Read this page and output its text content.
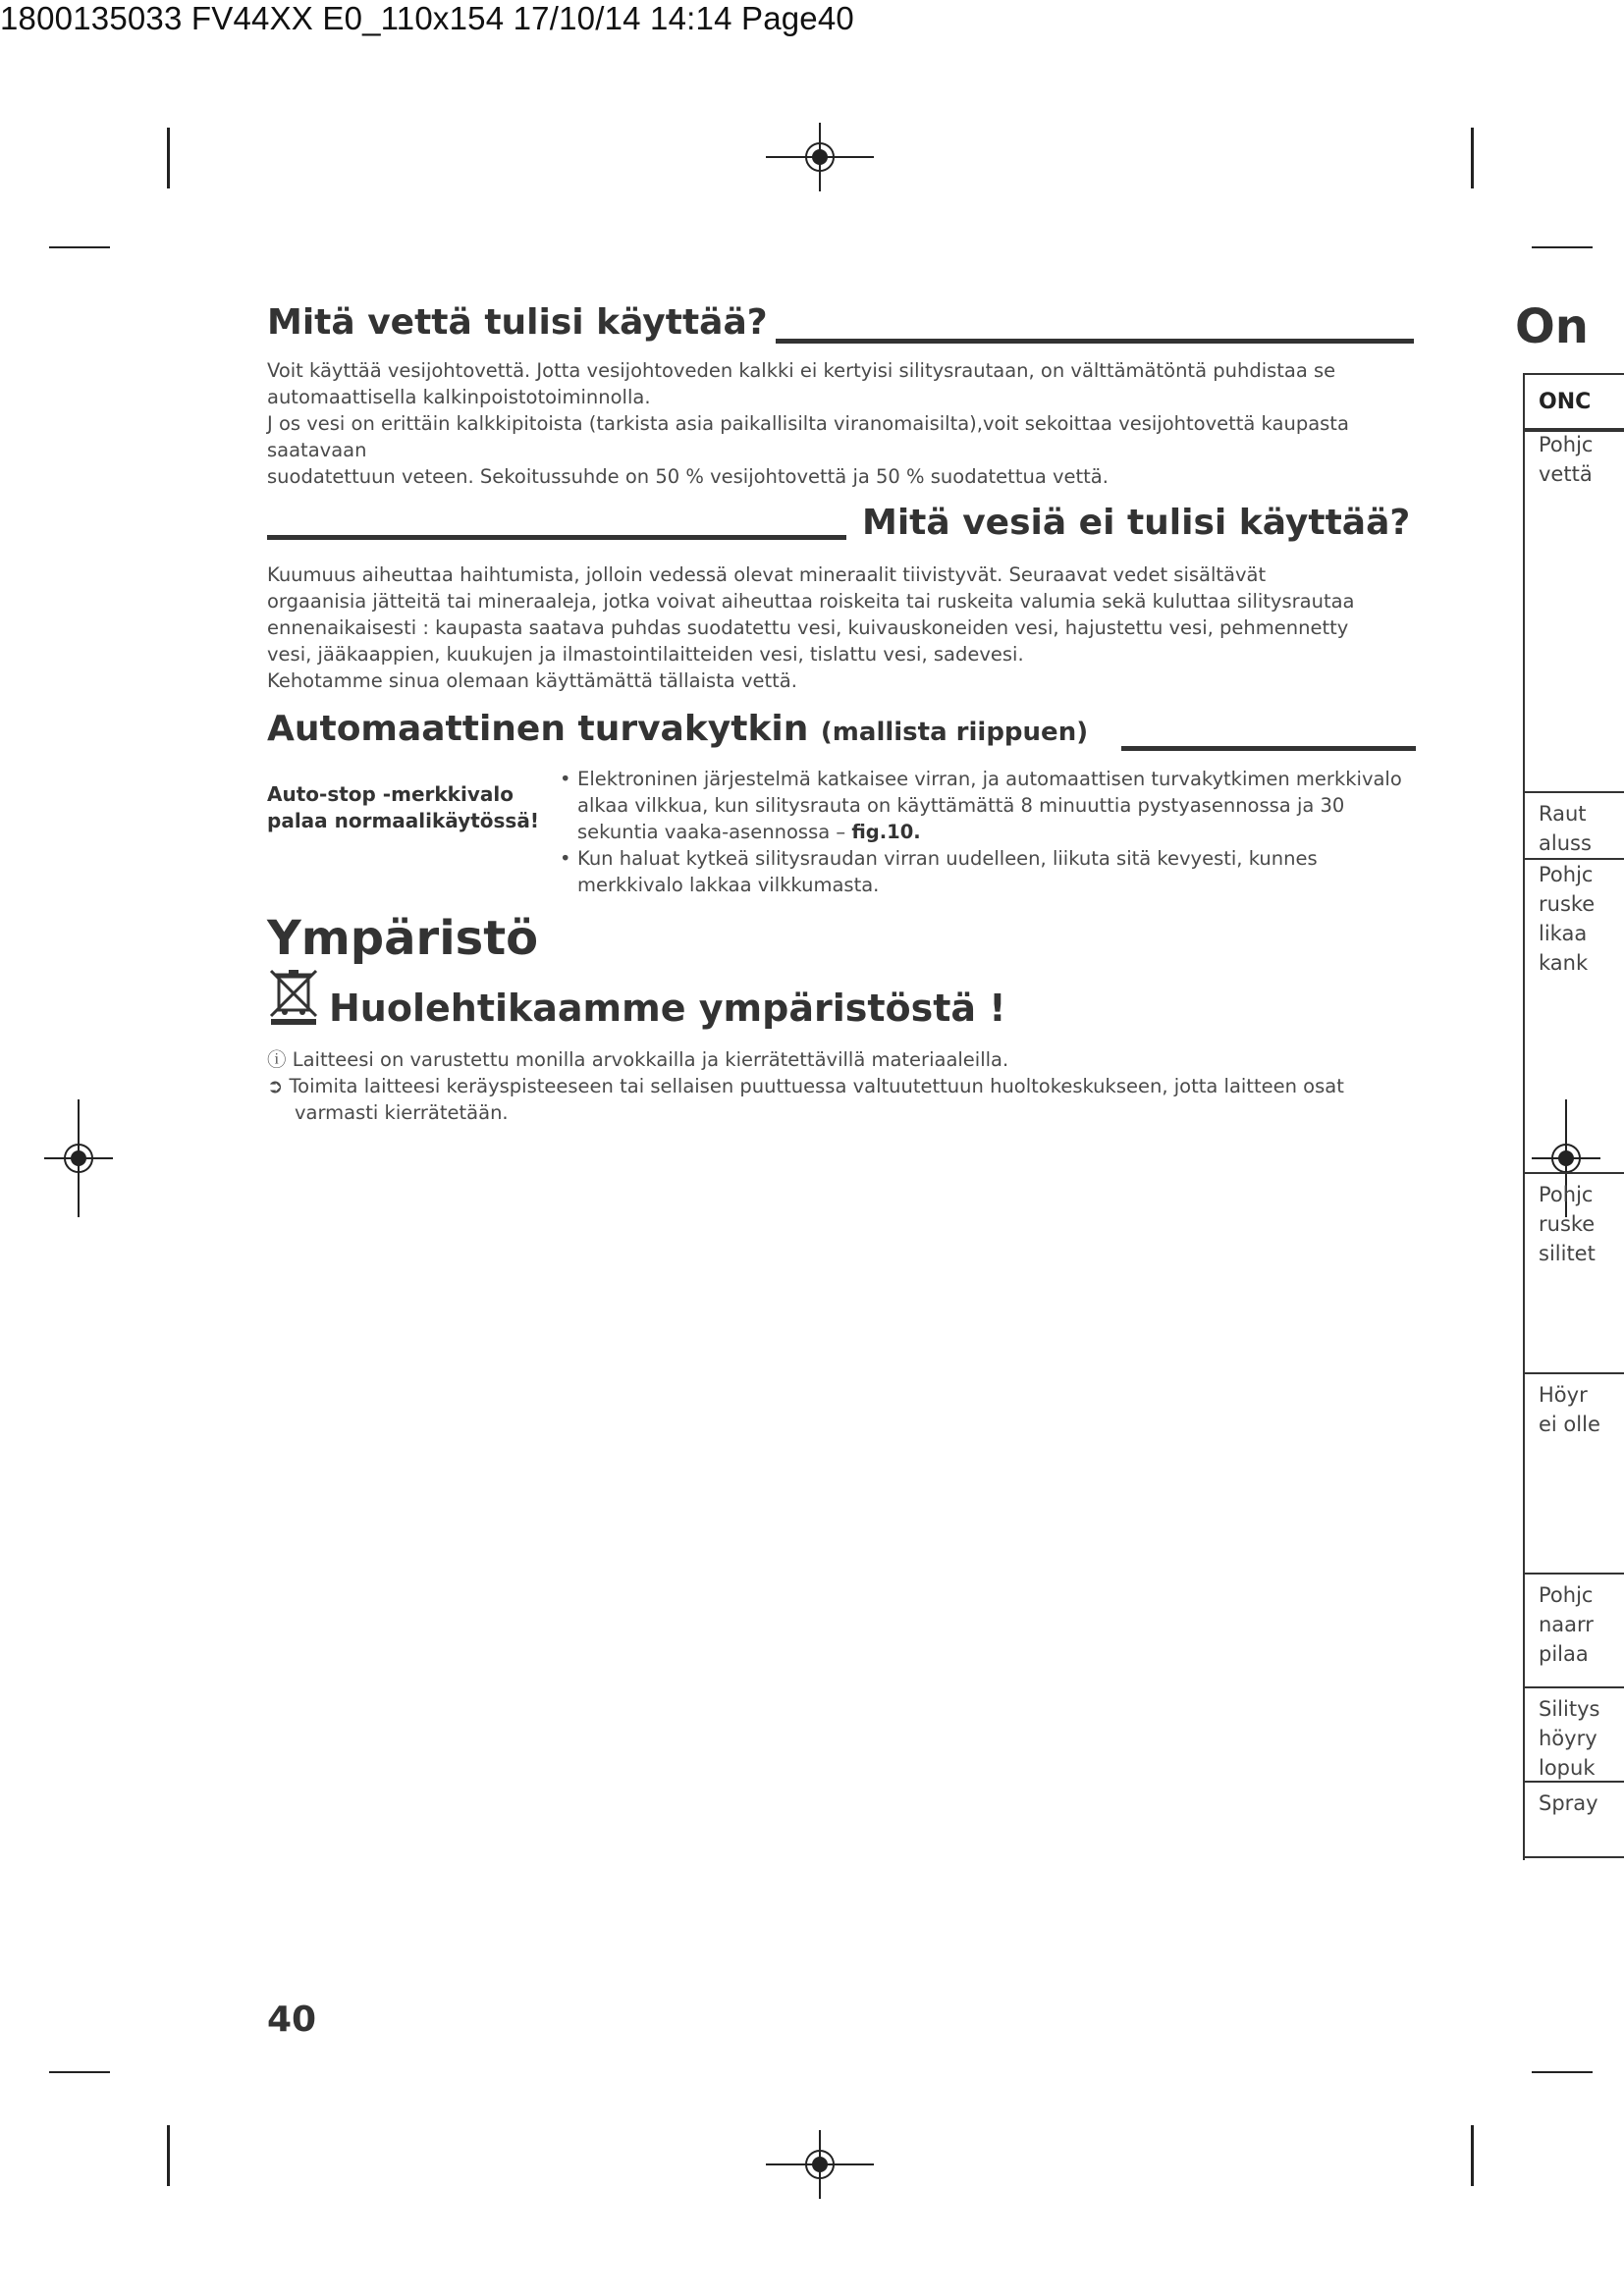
1800135033 FV44XX E0_110x154 17/10/14 14:14 Page40
Mitä vettä tulisi käyttää?

Voit käyttää vesijohtovettä. Jotta vesijohtoveden kalkki ei kertyisi silitysrautaan, on välttämätöntä puhdistaa se

automaattisella kalkinpoistotoiminnolla.

J os vesi on erittäin kalkkipitoista (tarkista asia paikallisilta viranomaisilta),voit sekoittaa vesijohtovettä kaupasta

saatavaan

suodatettuun veteen. Sekoitussuhde on 50 % vesijohtovettä ja 50 % suodatettua vettä.

Mitä vesiä ei tulisi käyttää?

Kuumuus aiheuttaa haihtumista, jolloin vedessä olevat mineraalit tiivistyvät. Seuraavat vedet sisältävät

orgaanisia jätteitä tai mineraaleja, jotka voivat aiheuttaa roiskeita tai ruskeita valumia sekä kuluttaa silitysrautaa

ennenaikaisesti : kaupasta saatava puhdas suodatettu vesi, kuivauskoneiden vesi, hajustettu vesi, pehmennetty

vesi, jääkaappien, kuukujen ja ilmastointilaitteiden vesi, tislattu vesi, sadevesi.

Kehotamme sinua olemaan käyttämättä tällaista vettä.

Automaattinen turvakytkin (mallista riippuen)
Auto-stop -merkkivalo
palaa normaalikäytössä!
• Elektroninen järjestelmä katkaisee virran, ja automaattisen turvakytkimen merkkivalo
alkaa vilkkua, kun silitysrauta on käyttämättä 8 minuuttia pystyasennossa ja 30
sekuntia vaaka-asennossa – fig.10.
• Kun haluat kytkeä silitysraudan virran uudelleen, liikuta sitä kevyesti, kunnes
merkkivalo lakkaa vilkkumasta.
Ympäristö
Huolehtikaamme ympäristöstä !
ⓘ Laitteesi on varustettu monilla arvokkailla ja kierrätettävillä materiaaleilla.
➲ Toimita laitteesi keräyspisteeseen tai sellaisen puuttuessa valtuutettuun huoltokeskukseen, jotta laitteen osat
varmasti kierrätetään.
40
On
ONC
Pohjc
vettä
Raut
aluss
Pohjc
ruske
likaa
kank
Pohjc
ruske
silitet
Höyr
ei olle
Pohjc
naarr
pilaa
Silitys
höyry
lopuk
Spray
